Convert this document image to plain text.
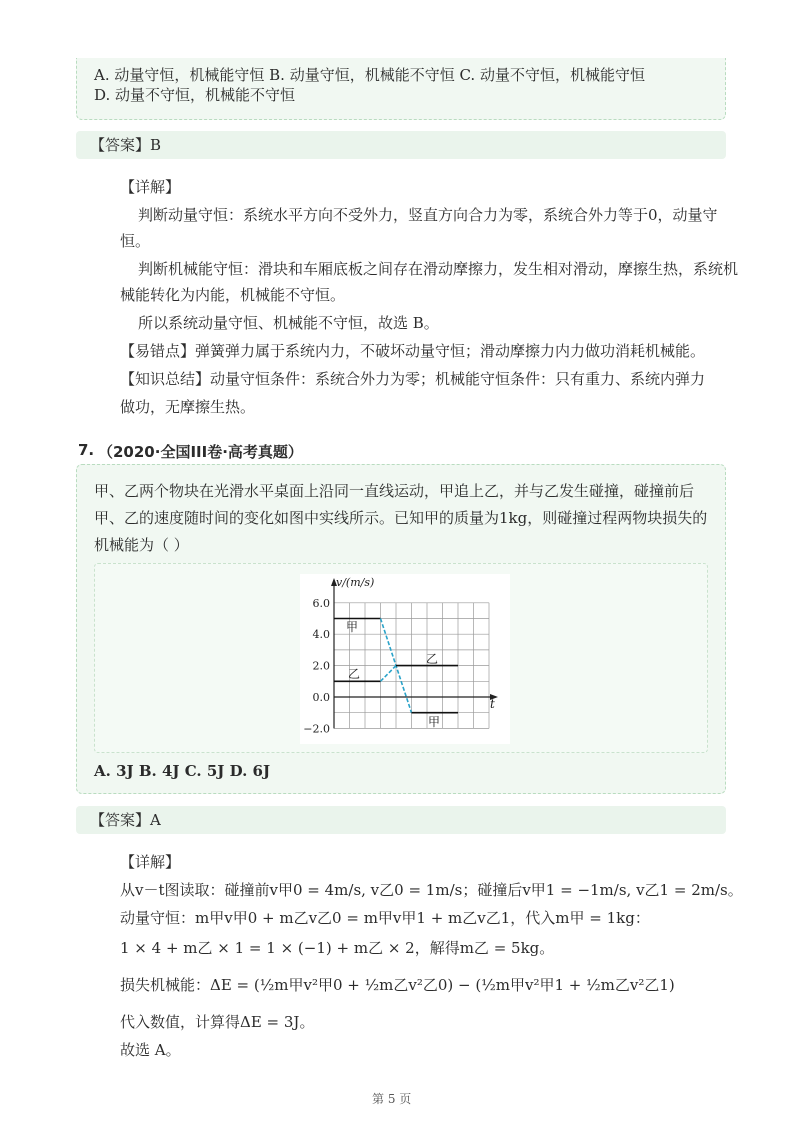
A. 动量守恒，机械能守恒 B. 动量守恒，机械能不守恒 C. 动量不守恒，机械能守恒
D. 动量不守恒，机械能不守恒
【答案】B
【详解】
判断动量守恒：系统水平方向不受外力，竖直方向合力为零，系统合外力等于0，动量守
恒。
判断机械能守恒：滑块和车厢底板之间存在滑动摩擦力，发生相对滑动，摩擦生热，系统机
械能转化为内能，机械能不守恒。
所以系统动量守恒、机械能不守恒，故选 B。
【易错点】弹簧弹力属于系统内力，不破坏动量守恒；滑动摩擦力内力做功消耗机械能。
【知识总结】动量守恒条件：系统合外力为零；机械能守恒条件：只有重力、系统内弹力
做功，无摩擦生热。
7. （2020·全国III卷·高考真题）
甲、乙两个物块在光滑水平桌面上沿同一直线运动，甲追上乙，并与乙发生碰撞，碰撞前后
甲、乙的速度随时间的变化如图中实线所示。已知甲的质量为1kg，则碰撞过程两物块损失的
机械能为（ ）
6.0
4.0
2.0
0.0
−2.0
v/(m/s)
t
甲
乙
乙
甲
A. 3J B. 4J C. 5J D. 6J
【答案】A
【详解】
从v－t图读取：碰撞前v甲0 = 4m/s, v乙0 = 1m/s；碰撞后v甲1 = −1m/s, v乙1 = 2m/s。
动量守恒：m甲v甲0 + m乙v乙0 = m甲v甲1 + m乙v乙1，代入m甲 = 1kg：
1 × 4 + m乙 × 1 = 1 × (−1) + m乙 × 2，解得m乙 = 5kg。
损失机械能：ΔE = (½m甲v²甲0 + ½m乙v²乙0) − (½m甲v²甲1 + ½m乙v²乙1)
代入数值，计算得ΔE = 3J。
故选 A。
第 5 页
